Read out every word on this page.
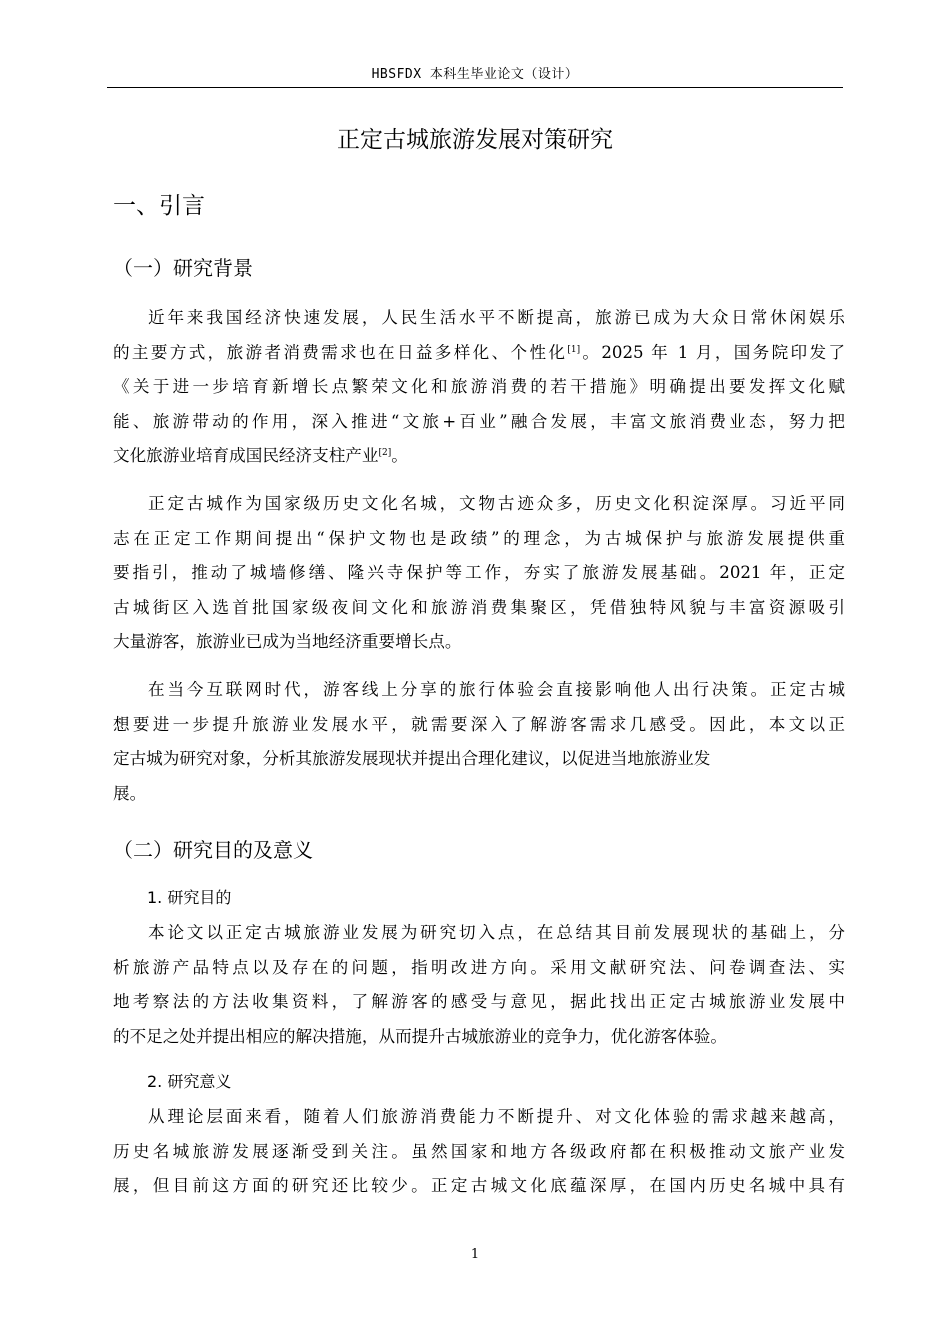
HBSFDX 本科生毕业论文（设计）
正定古城旅游发展对策研究
一、引言
（一）研究背景
近年来我国经济快速发展，人民生活水平不断提高，旅游已成为大众日常休闲娱乐
的主要方式，旅游者消费需求也在日益多样化、个性化[1]。2025 年 1 月，国务院印发了
《关于进一步培育新增长点繁荣文化和旅游消费的若干措施》明确提出要发挥文化赋
能、旅游带动的作用，深入推进“文旅+百业”融合发展，丰富文旅消费业态，努力把
文化旅游业培育成国民经济支柱产业[2]。
正定古城作为国家级历史文化名城，文物古迹众多，历史文化积淀深厚。习近平同
志在正定工作期间提出“保护文物也是政绩”的理念，为古城保护与旅游发展提供重
要指引，推动了城墙修缮、隆兴寺保护等工作，夯实了旅游发展基础。2021 年，正定
古城街区入选首批国家级夜间文化和旅游消费集聚区，凭借独特风貌与丰富资源吸引
大量游客，旅游业已成为当地经济重要增长点。
在当今互联网时代，游客线上分享的旅行体验会直接影响他人出行决策。正定古城
想要进一步提升旅游业发展水平，就需要深入了解游客需求几感受。因此，本文以正
定古城为研究对象，分析其旅游发展现状并提出合理化建议，以促进当地旅游业发
展。
（二）研究目的及意义
1. 研究目的
本论文以正定古城旅游业发展为研究切入点，在总结其目前发展现状的基础上，分
析旅游产品特点以及存在的问题，指明改进方向。采用文献研究法、问卷调查法、实
地考察法的方法收集资料，了解游客的感受与意见，据此找出正定古城旅游业发展中
的不足之处并提出相应的解决措施，从而提升古城旅游业的竞争力，优化游客体验。
2. 研究意义
从理论层面来看，随着人们旅游消费能力不断提升、对文化体验的需求越来越高，
历史名城旅游发展逐渐受到关注。虽然国家和地方各级政府都在积极推动文旅产业发
展，但目前这方面的研究还比较少。正定古城文化底蕴深厚，在国内历史名城中具有
1
